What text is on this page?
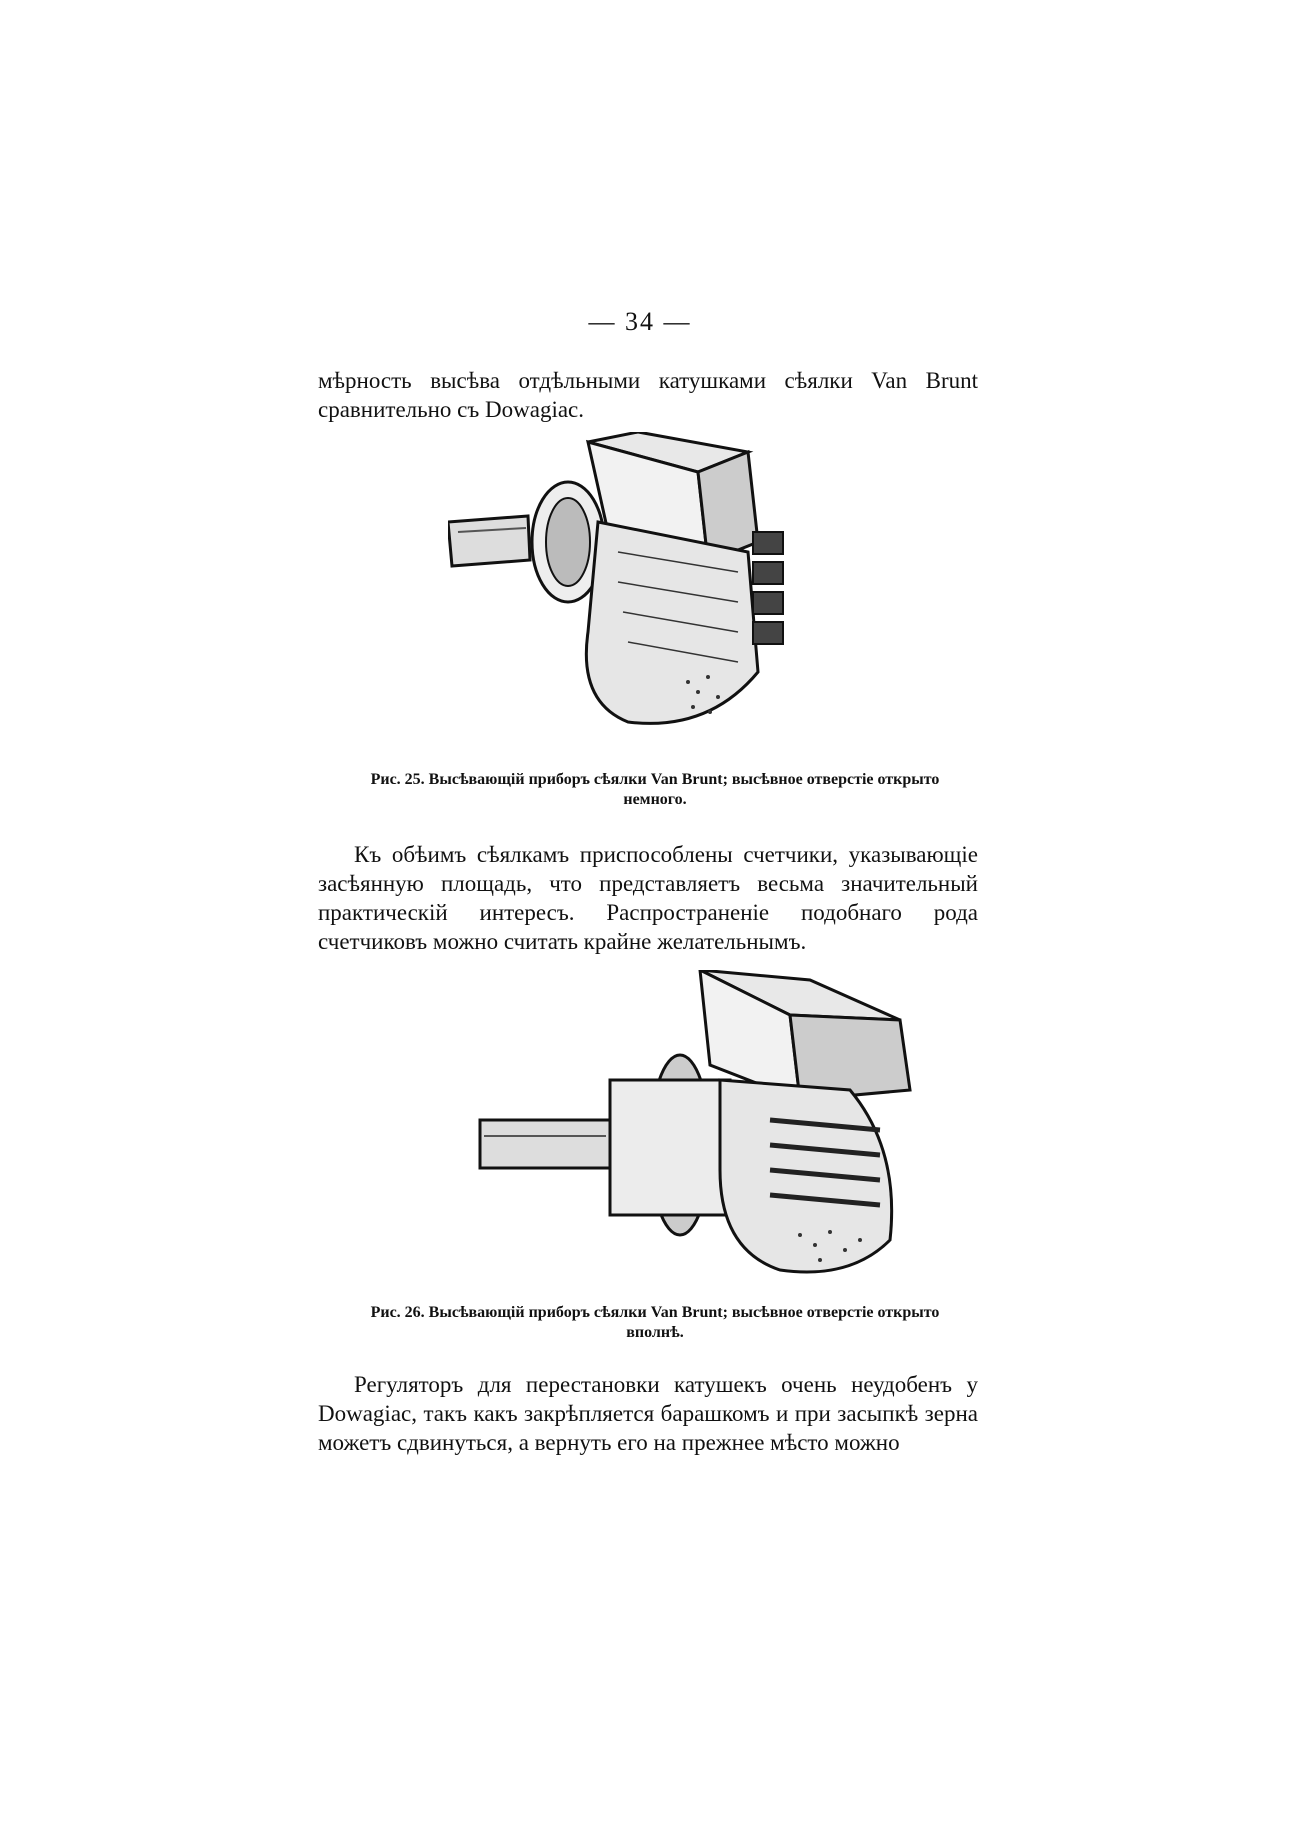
— 34 —

мѣрность высѣва отдѣльными катушками сѣялки Van Brunt сравнительно съ Dowagiac.

Рис. 25. Высѣвающій приборъ сѣялки Van Brunt; высѣвное отверстіе открыто немного.

Къ обѣимъ сѣялкамъ приспособлены счетчики, указывающіе засѣянную площадь, что представляетъ весьма значительный практическій интересъ. Распространеніе подобнаго рода счетчиковъ можно считать крайне желательнымъ.

Рис. 26. Высѣвающій приборъ сѣялки Van Brunt; высѣвное отверстіе открыто вполнѣ.

Регуляторъ для перестановки катушекъ очень неудобенъ у Dowagiac, такъ какъ закрѣпляется барашкомъ и при засыпкѣ зерна можетъ сдвинуться, а вернуть его на прежнее мѣсто можно
